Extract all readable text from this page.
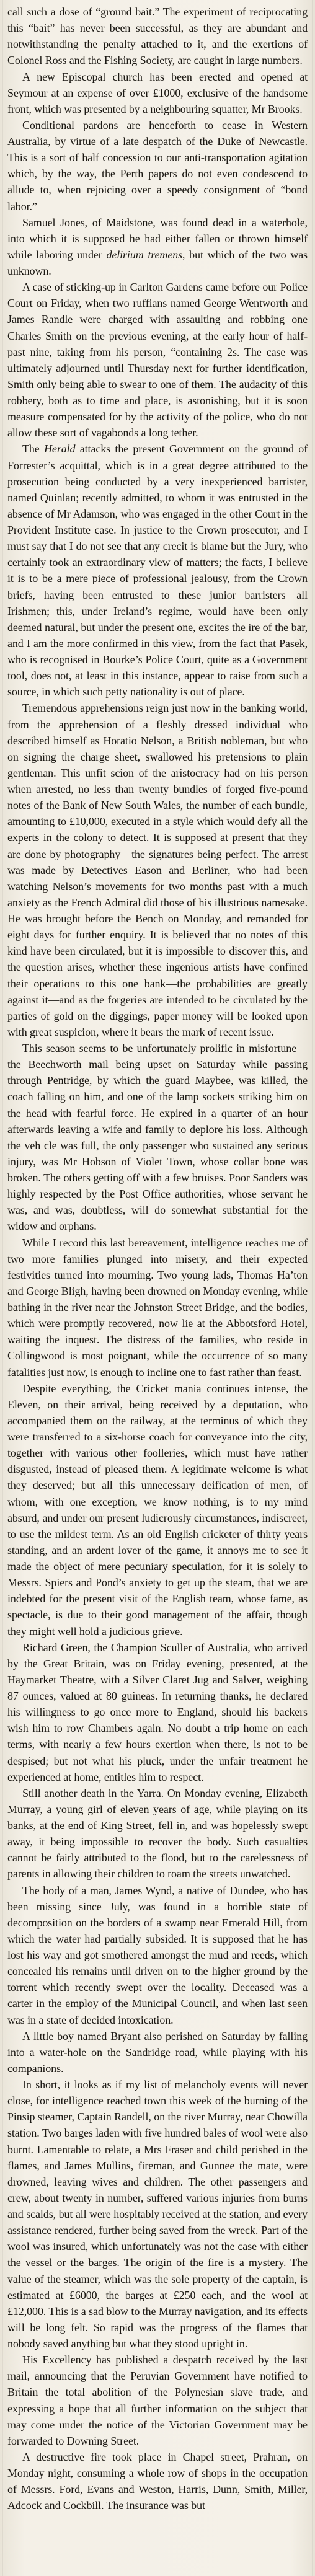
call such a dose of “ground bait.” The experiment of reciprocating this “bait” has never been successful, as they are abundant and notwithstanding the penalty attached to it, and the exertions of Colonel Ross and the Fishing Society, are caught in large numbers.

A new Episcopal church has been erected and opened at Seymour at an expense of over £1000, exclusive of the handsome front, which was presented by a neighbouring squatter, Mr Brooks.

Conditional pardons are henceforth to cease in Western Australia, by virtue of a late despatch of the Duke of Newcastle. This is a sort of half concession to our anti-transportation agitation which, by the way, the Perth papers do not even condescend to allude to, when rejoicing over a speedy consignment of “bond labor.”

Samuel Jones, of Maidstone, was found dead in a waterhole, into which it is supposed he had either fallen or thrown himself while laboring under delirium tremens, but which of the two was unknown.

A case of sticking-up in Carlton Gardens came before our Police Court on Friday, when two ruffians named George Wentworth and James Randle were charged with assaulting and robbing one Charles Smith on the previous evening, at the early hour of half-past nine, taking from his person, “containing 2s. The case was ultimately adjourned until Thursday next for further identification, Smith only being able to swear to one of them. The audacity of this robbery, both as to time and place, is astonishing, but it is soon measure compensated for by the activity of the police, who do not allow these sort of vagabonds a long tether.

The Herald attacks the present Government on the ground of Forrester’s acquittal, which is in a great degree attributed to the prosecution being conducted by a very inexperienced barrister, named Quinlan; recently admitted, to whom it was entrusted in the absence of Mr Adamson, who was engaged in the other Court in the Provident Institute case. In justice to the Crown prosecutor, and I must say that I do not see that any crecit is blame but the Jury, who certainly took an extraordinary view of matters; the facts, I believe it is to be a mere piece of professional jealousy, from the Crown briefs, having been entrusted to these junior barristers—all Irishmen; this, under Ireland’s regime, would have been only deemed natural, but under the present one, excites the ire of the bar, and I am the more confirmed in this view, from the fact that Pasek, who is recognised in Bourke’s Police Court, quite as a Government tool, does not, at least in this instance, appear to raise from such a source, in which such petty nationality is out of place.

Tremendous apprehensions reign just now in the banking world, from the apprehension of a fleshly dressed individual who described himself as Horatio Nelson, a British nobleman, but who on signing the charge sheet, swallowed his pretensions to plain gentleman. This unfit scion of the aristocracy had on his person when arrested, no less than twenty bundles of forged five-pound notes of the Bank of New South Wales, the number of each bundle, amounting to £10,000, executed in a style which would defy all the experts in the colony to detect. It is supposed at present that they are done by photography—the signatures being perfect. The arrest was made by Detectives Eason and Berliner, who had been watching Nelson’s movements for two months past with a much anxiety as the French Admiral did those of his illustrious namesake. He was brought before the Bench on Monday, and remanded for eight days for further enquiry. It is believed that no notes of this kind have been circulated, but it is impossible to discover this, and the question arises, whether these ingenious artists have confined their operations to this one bank—the probabilities are greatly against it—and as the forgeries are intended to be circulated by the parties of gold on the diggings, paper money will be looked upon with great suspicion, where it bears the mark of recent issue.

This season seems to be unfortunately prolific in misfortune—the Beechworth mail being upset on Saturday while passing through Pentridge, by which the guard Maybee, was killed, the coach falling on him, and one of the lamp sockets striking him on the head with fearful force. He expired in a quarter of an hour afterwards leaving a wife and family to deplore his loss. Although the veh cle was full, the only passenger who sustained any serious injury, was Mr Hobson of Violet Town, whose collar bone was broken. The others getting off with a few bruises. Poor Sanders was highly respected by the Post Office authorities, whose servant he was, and was, doubtless, will do somewhat substantial for the widow and orphans.

While I record this last bereavement, intelligence reaches me of two more families plunged into misery, and their expected festivities turned into mourning. Two young lads, Thomas Ha’ton and George Bligh, having been drowned on Monday evening, while bathing in the river near the Johnston Street Bridge, and the bodies, which were promptly recovered, now lie at the Abbotsford Hotel, waiting the inquest. The distress of the families, who reside in Collingwood is most poignant, while the occurrence of so many fatalities just now, is enough to incline one to fast rather than feast.

Despite everything, the Cricket mania continues intense, the Eleven, on their arrival, being received by a deputation, who accompanied them on the railway, at the terminus of which they were transferred to a six-horse coach for conveyance into the city, together with various other foolleries, which must have rather disgusted, instead of pleased them. A legitimate welcome is what they deserved; but all this unnecessary deification of men, of whom, with one exception, we know nothing, is to my mind absurd, and under our present ludicrously circumstances, indiscreet, to use the mildest term. As an old English cricketer of thirty years standing, and an ardent lover of the game, it annoys me to see it made the object of mere pecuniary speculation, for it is solely to Messrs. Spiers and Pond’s anxiety to get up the steam, that we are indebted for the present visit of the English team, whose fame, as spectacle, is due to their good management of the affair, though they might well hold a judicious grieve.

Richard Green, the Champion Sculler of Australia, who arrived by the Great Britain, was on Friday evening, presented, at the Haymarket Theatre, with a Silver Claret Jug and Salver, weighing 87 ounces, valued at 80 guineas. In returning thanks, he declared his willingness to go once more to England, should his backers wish him to row Chambers again. No doubt a trip home on each terms, with nearly a few hours exertion when there, is not to be despised; but not what his pluck, under the unfair treatment he experienced at home, entitles him to respect.

Still another death in the Yarra. On Monday evening, Elizabeth Murray, a young girl of eleven years of age, while playing on its banks, at the end of King Street, fell in, and was hopelessly swept away, it being impossible to recover the body. Such casualties cannot be fairly attributed to the flood, but to the carelessness of parents in allowing their children to roam the streets unwatched.

The body of a man, James Wynd, a native of Dundee, who has been missing since July, was found in a horrible state of decomposition on the borders of a swamp near Emerald Hill, from which the water had partially subsided. It is supposed that he has lost his way and got smothered amongst the mud and reeds, which concealed his remains until driven on to the higher ground by the torrent which recently swept over the locality. Deceased was a carter in the employ of the Municipal Council, and when last seen was in a state of decided intoxication.

A little boy named Bryant also perished on Saturday by falling into a water-hole on the Sandridge road, while playing with his companions.

In short, it looks as if my list of melancholy events will never close, for intelligence reached town this week of the burning of the Pinsip steamer, Captain Randell, on the river Murray, near Chowilla station. Two barges laden with five hundred bales of wool were also burnt. Lamentable to relate, a Mrs Fraser and child perished in the flames, and James Mullins, fireman, and Gunnee the mate, were drowned, leaving wives and children. The other passengers and crew, about twenty in number, suffered various injuries from burns and scalds, but all were hospitably received at the station, and every assistance rendered, further being saved from the wreck. Part of the wool was insured, which unfortunately was not the case with either the vessel or the barges. The origin of the fire is a mystery. The value of the steamer, which was the sole property of the captain, is estimated at £6000, the barges at £250 each, and the wool at £12,000. This is a sad blow to the Murray navigation, and its effects will be long felt. So rapid was the progress of the flames that nobody saved anything but what they stood upright in.

His Excellency has published a despatch received by the last mail, announcing that the Peruvian Government have notified to Britain the total abolition of the Polynesian slave trade, and expressing a hope that all further information on the subject that may come under the notice of the Victorian Government may be forwarded to Downing Street.

A destructive fire took place in Chapel street, Prahran, on Monday night, consuming a whole row of shops in the occupation of Messrs. Ford, Evans and Weston, Harris, Dunn, Smith, Miller, Adcock and Cockbill. The insurance was but
